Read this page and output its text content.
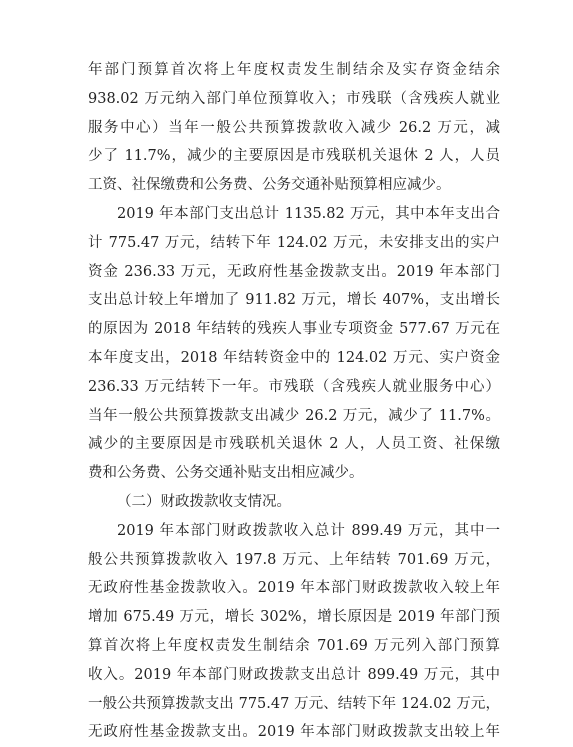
年部门预算首次将上年度权责发生制结余及实存资金结余
938.02 万元纳入部门单位预算收入；市残联（含残疾人就业
服务中心）当年一般公共预算拨款收入减少 26.2 万元，减
少了 11.7%，减少的主要原因是市残联机关退休 2 人，人员
工资、社保缴费和公务费、公务交通补贴预算相应减少。
2019 年本部门支出总计 1135.82 万元，其中本年支出合
计 775.47 万元，结转下年 124.02 万元，未安排支出的实户
资金 236.33 万元，无政府性基金拨款支出。2019 年本部门
支出总计较上年增加了 911.82 万元，增长 407%，支出增长
的原因为 2018 年结转的残疾人事业专项资金 577.67 万元在
本年度支出，2018 年结转资金中的 124.02 万元、实户资金
236.33 万元结转下一年。市残联（含残疾人就业服务中心）
当年一般公共预算拨款支出减少 26.2 万元，减少了 11.7%。
减少的主要原因是市残联机关退休 2 人，人员工资、社保缴
费和公务费、公务交通补贴支出相应减少。
（二）财政拨款收支情况。
2019 年本部门财政拨款收入总计 899.49 万元，其中一
般公共预算拨款收入 197.8 万元、上年结转 701.69 万元，
无政府性基金拨款收入。2019 年本部门财政拨款收入较上年
增加 675.49 万元，增长 302%，增长原因是 2019 年部门预
算首次将上年度权责发生制结余 701.69 万元列入部门预算
收入。2019 年本部门财政拨款支出总计 899.49 万元，其中
一般公共预算拨款支出 775.47 万元、结转下年 124.02 万元，
无政府性基金拨款支出。2019 年本部门财政拨款支出较上年
